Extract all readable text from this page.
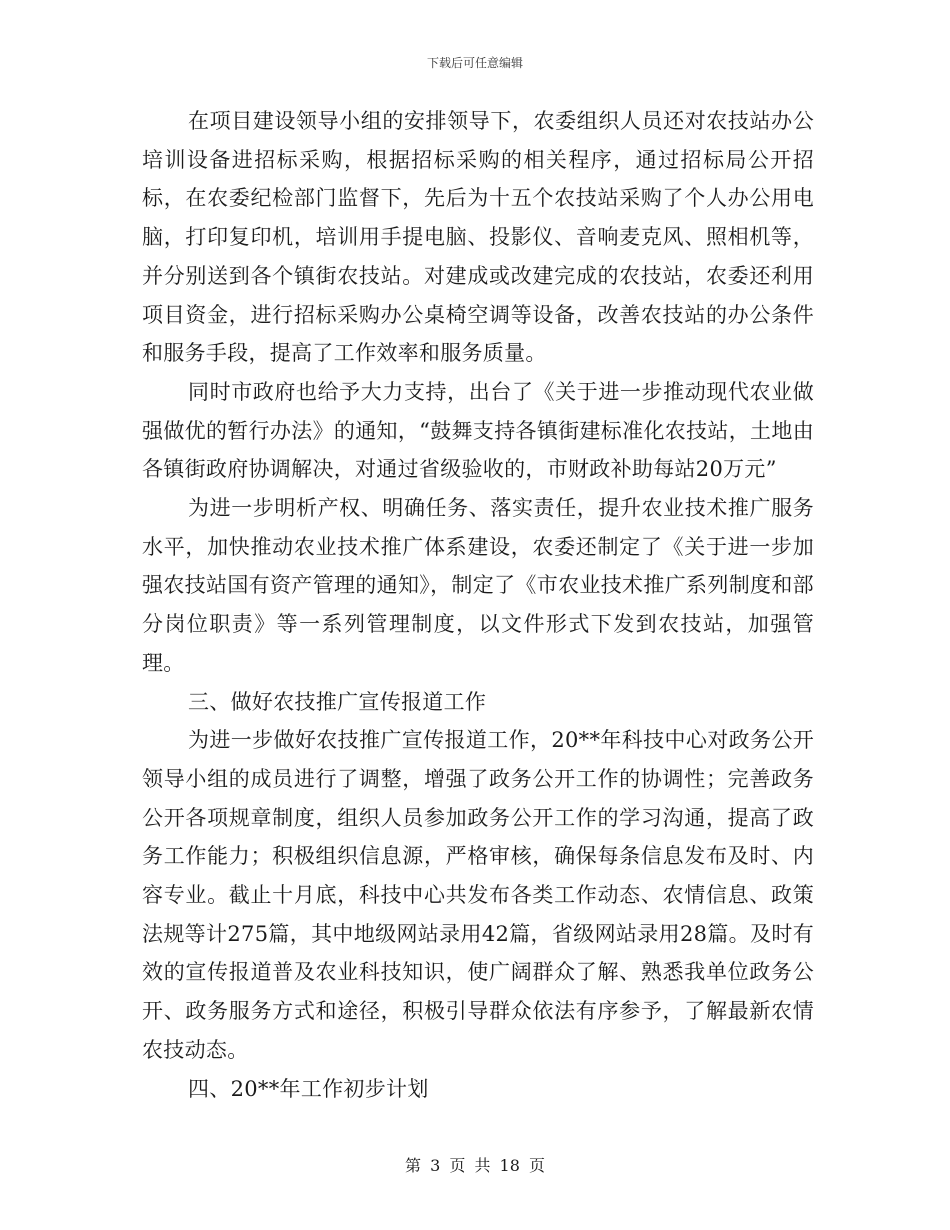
下载后可任意编辑

在项目建设领导小组的安排领导下，农委组织人员还对农技站办公培训设备进招标采购，根据招标采购的相关程序，通过招标局公开招标，在农委纪检部门监督下，先后为十五个农技站采购了个人办公用电脑，打印复印机，培训用手提电脑、投影仪、音响麦克风、照相机等，并分别送到各个镇街农技站。对建成或改建完成的农技站，农委还利用项目资金，进行招标采购办公桌椅空调等设备，改善农技站的办公条件和服务手段，提高了工作效率和服务质量。

同时市政府也给予大力支持，出台了《关于进一步推动现代农业做强做优的暂行办法》的通知，“鼓舞支持各镇街建标准化农技站，土地由各镇街政府协调解决，对通过省级验收的，市财政补助每站20万元”

为进一步明析产权、明确任务、落实责任，提升农业技术推广服务水平，加快推动农业技术推广体系建设，农委还制定了《关于进一步加强农技站国有资产管理的通知》，制定了《市农业技术推广系列制度和部分岗位职责》等一系列管理制度，以文件形式下发到农技站，加强管理。

三、做好农技推广宣传报道工作

为进一步做好农技推广宣传报道工作，20**年科技中心对政务公开领导小组的成员进行了调整，增强了政务公开工作的协调性；完善政务公开各项规章制度，组织人员参加政务公开工作的学习沟通，提高了政务工作能力；积极组织信息源，严格审核，确保每条信息发布及时、内容专业。截止十月底，科技中心共发布各类工作动态、农情信息、政策法规等计275篇，其中地级网站录用42篇，省级网站录用28篇。及时有效的宣传报道普及农业科技知识，使广阔群众了解、熟悉我单位政务公开、政务服务方式和途径，积极引导群众依法有序参予，了解最新农情农技动态。

四、20**年工作初步计划

第 3 页 共 18 页
